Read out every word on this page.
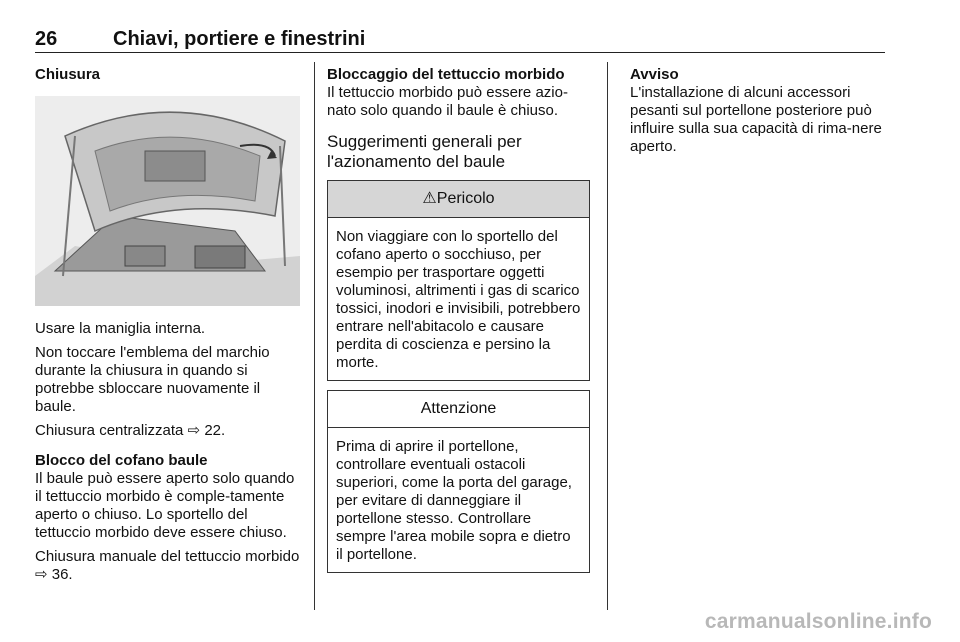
26	Chiavi, portiere e finestrini

Chiusura

Usare la maniglia interna.

Non toccare l'emblema del marchio durante la chiusura in quando si potrebbe sbloccare nuovamente il baule.

Chiusura centralizzata ⇨ 22.

Blocco del cofano baule

Il baule può essere aperto solo quando il tettuccio morbido è comple-tamente aperto o chiuso. Lo sportello del tettuccio morbido deve essere chiuso.

Chiusura manuale del tettuccio morbido ⇨ 36.

Bloccaggio del tettuccio morbido

Il tettuccio morbido può essere azio-nato solo quando il baule è chiuso.

Suggerimenti generali per l'azionamento del baule
⚠Pericolo
Non viaggiare con lo sportello del cofano aperto o socchiuso, per esempio per trasportare oggetti voluminosi, altrimenti i gas di scarico tossici, inodori e invisibili, potrebbero entrare nell'abitacolo e causare perdita di coscienza e persino la morte.
Attenzione
Prima di aprire il portellone, controllare eventuali ostacoli superiori, come la porta del garage, per evitare di danneggiare il portellone stesso. Controllare sempre l'area mobile sopra e dietro il portellone.

Avviso

L'installazione di alcuni accessori pesanti sul portellone posteriore può influire sulla sua capacità di rima-nere aperto.

carmanualsonline.info
